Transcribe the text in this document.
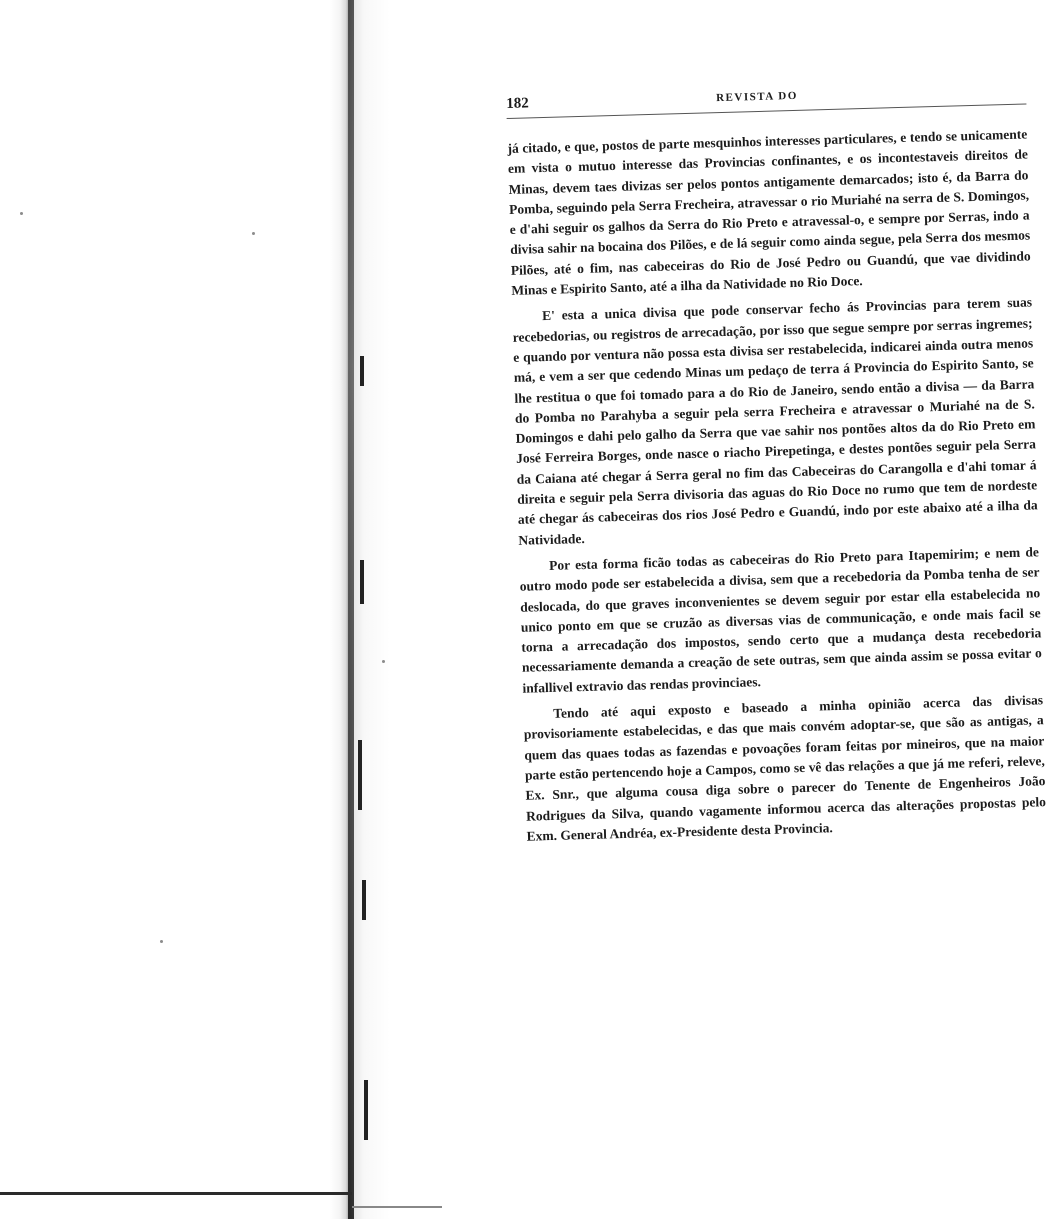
182	REVISTA DO

já citado, e que, postos de parte mesquinhos interesses particulares, e tendo se unicamente em vista o mutuo interesse das Provincias confinantes, e os incontestaveis direitos de Minas, devem taes divizas ser pelos pontos antigamente demarcados; isto é, da Barra do Pomba, seguindo pela Serra Frecheira, atravessar o rio Muriahé na serra de S. Domingos, e d'ahi seguir os galhos da Serra do Rio Preto e atravessal-o, e sempre por Serras, indo a divisa sahir na bocaina dos Pilões, e de lá seguir como ainda segue, pela Serra dos mesmos Pilões, até o fim, nas cabeceiras do Rio de José Pedro ou Guandú, que vae dividindo Minas e Espirito Santo, até a ilha da Natividade no Rio Doce.

E' esta a unica divisa que pode conservar fecho ás Provincias para terem suas recebedorias, ou registros de arrecadação, por isso que segue sempre por serras ingremes; e quando por ventura não possa esta divisa ser restabelecida, indicarei ainda outra menos má, e vem a ser que cedendo Minas um pedaço de terra á Provincia do Espirito Santo, se lhe restitua o que foi tomado para a do Rio de Janeiro, sendo então a divisa — da Barra do Pomba no Parahyba a seguir pela serra Frecheira e atravessar o Muriahé na de S. Domingos e dahi pelo galho da Serra que vae sahir nos pontões altos da do Rio Preto em José Ferreira Borges, onde nasce o riacho Pirepetinga, e destes pontões seguir pela Serra da Caiana até chegar á Serra geral no fim das Cabeceiras do Carangolla e d'ahi tomar á direita e seguir pela Serra divisoria das aguas do Rio Doce no rumo que tem de nordeste até chegar ás cabeceiras dos rios José Pedro e Guandú, indo por este abaixo até a ilha da Natividade.

Por esta forma ficão todas as cabeceiras do Rio Preto para Itapemirim; e nem de outro modo pode ser estabelecida a divisa, sem que a recebedoria da Pomba tenha de ser deslocada, do que graves inconvenientes se devem seguir por estar ella estabelecida no unico ponto em que se cruzão as diversas vias de communicação, e onde mais facil se torna a arrecadação dos impostos, sendo certo que a mudança desta recebedoria necessariamente demanda a creação de sete outras, sem que ainda assim se possa evitar o infallivel extravio das rendas provinciaes.

Tendo até aqui exposto e baseado a minha opinião acerca das divisas provisoriamente estabelecidas, e das que mais convém adoptar-se, que são as antigas, a quem das quaes todas as fazendas e povoações foram feitas por mineiros, que na maior parte estão pertencendo hoje a Campos, como se vê das relações a que já me referi, releve, Ex. Snr., que alguma cousa diga sobre o parecer do Tenente de Engenheiros João Rodrigues da Silva, quando vagamente informou acerca das alterações propostas pelo Exm. General Andréa, ex-Presidente desta Provincia.
